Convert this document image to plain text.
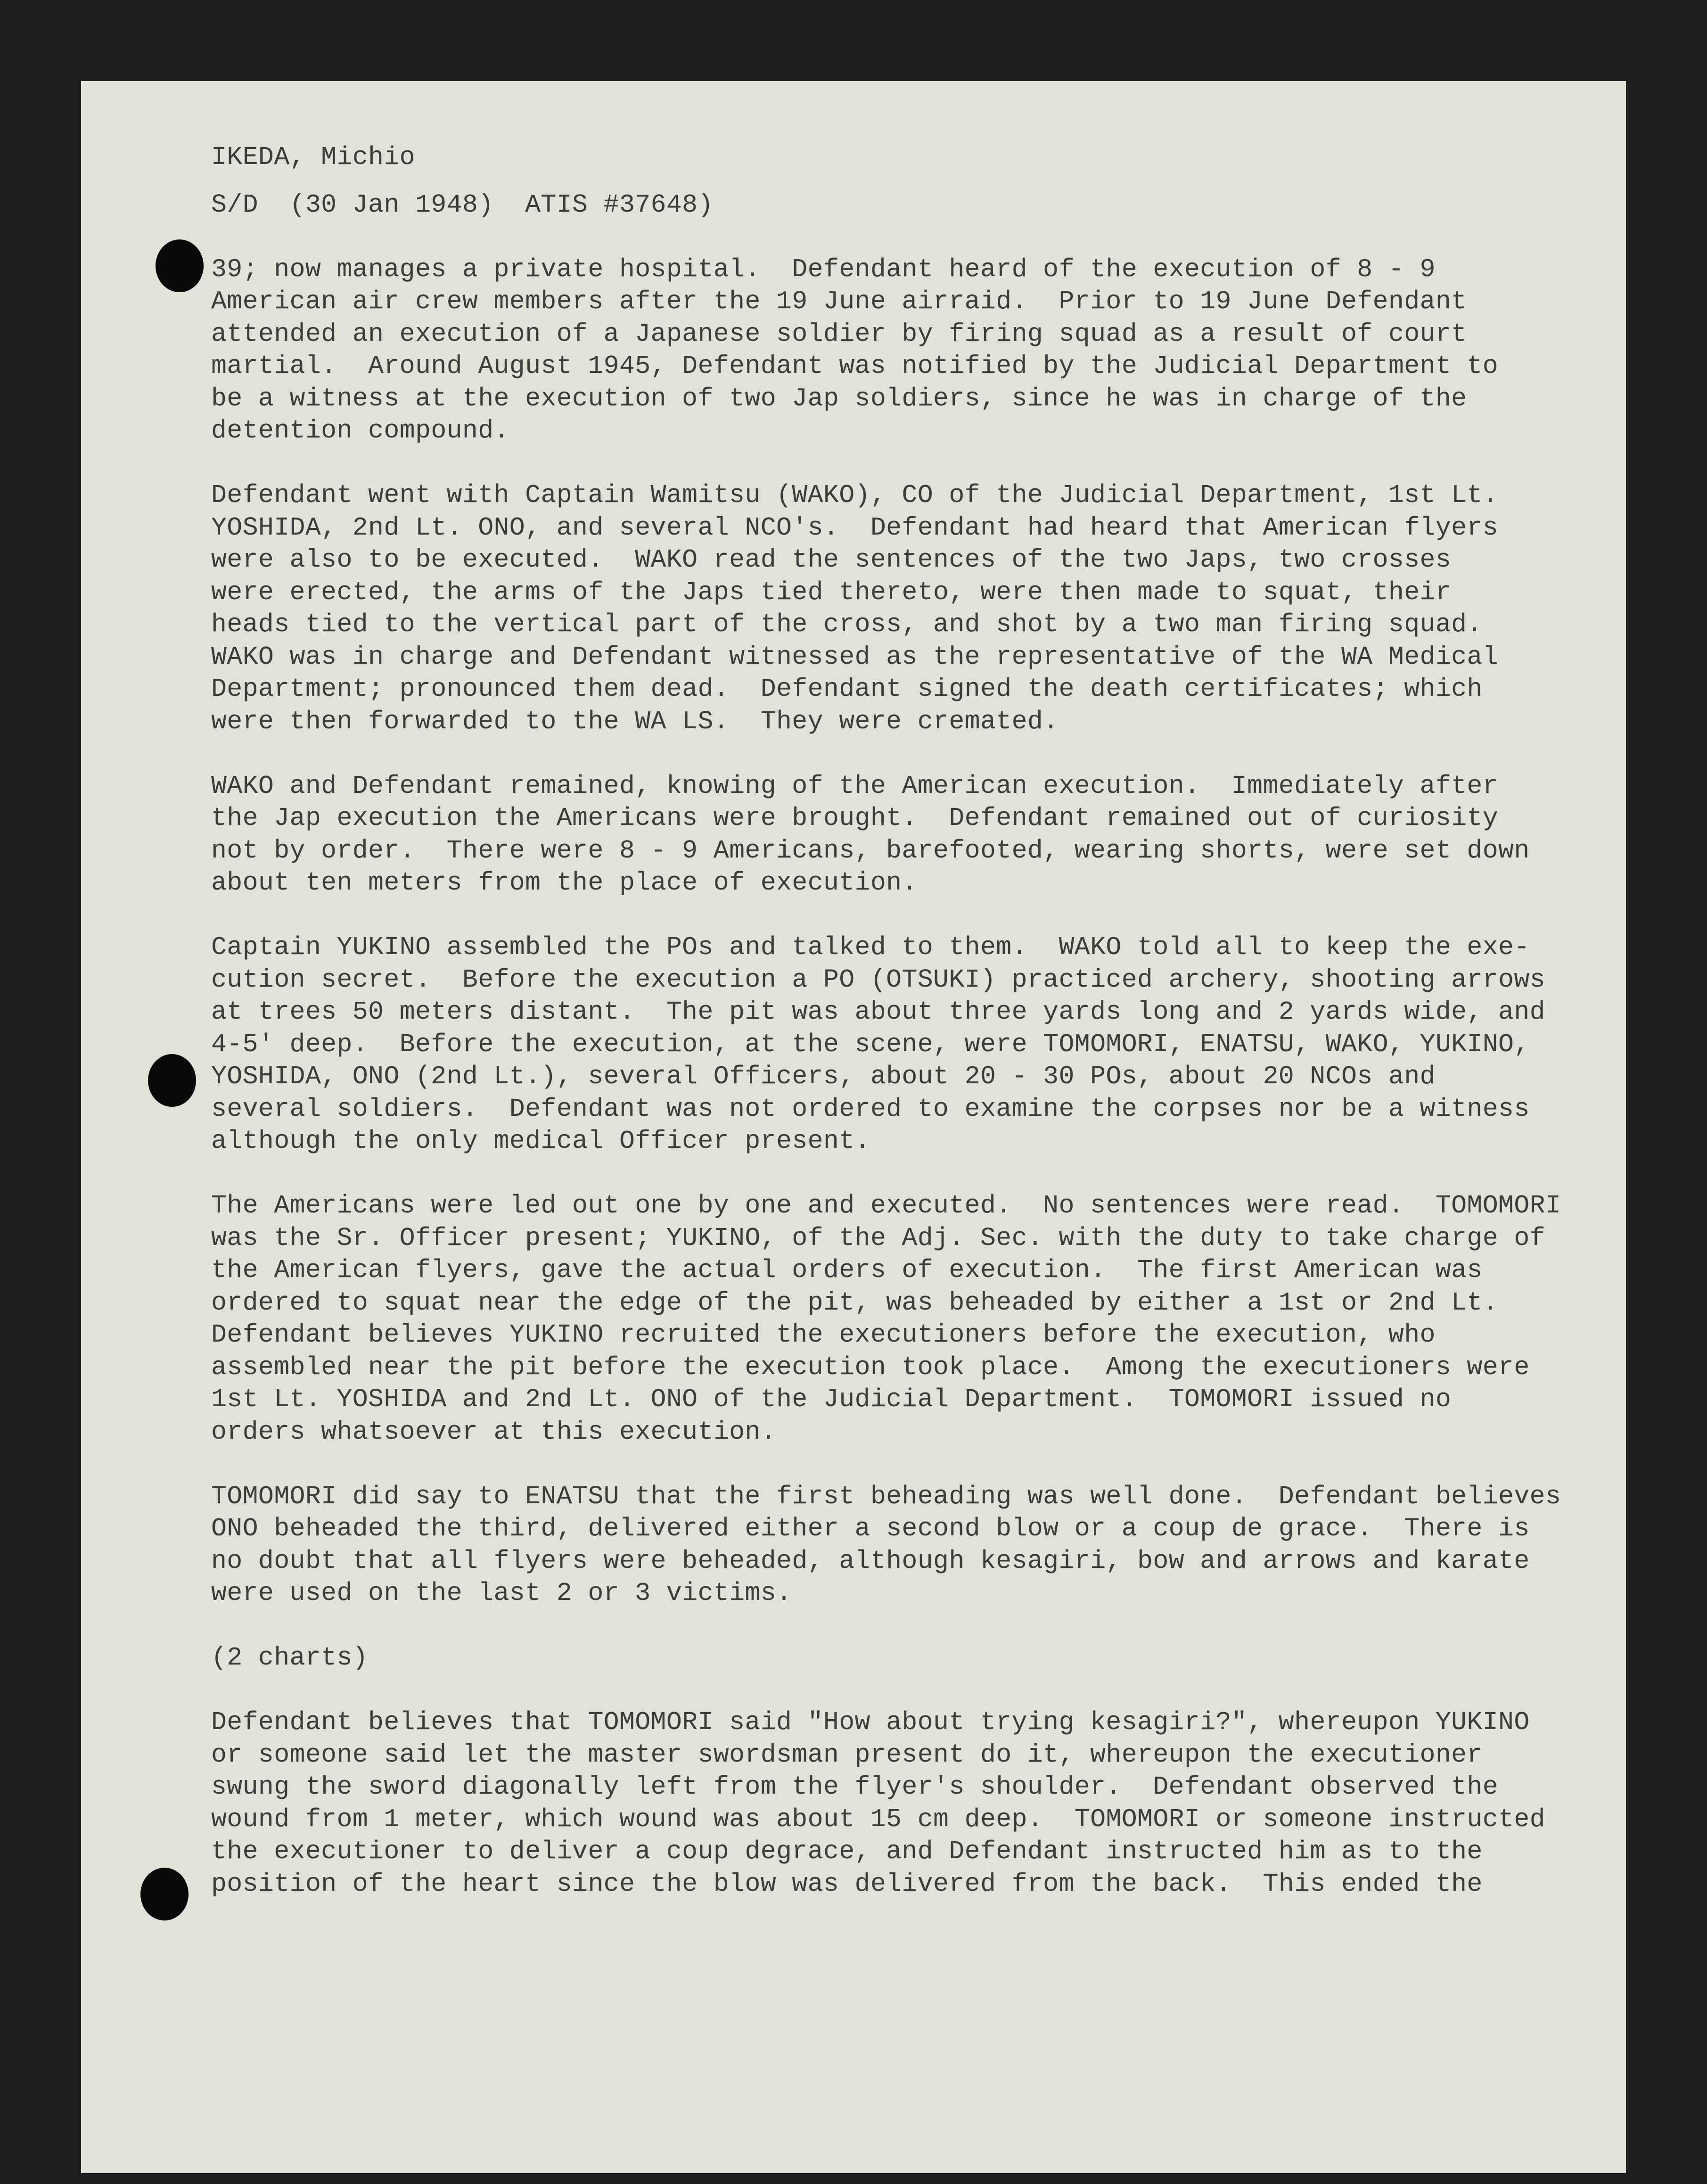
IKEDA, Michio

S/D  (30 Jan 1948)  ATIS #37648)

39; now manages a private hospital.  Defendant heard of the execution of 8 - 9

American air crew members after the 19 June airraid.  Prior to 19 June Defendant

attended an execution of a Japanese soldier by firing squad as a result of court

martial.  Around August 1945, Defendant was notified by the Judicial Department to

be a witness at the execution of two Jap soldiers, since he was in charge of the

detention compound.

Defendant went with Captain Wamitsu (WAKO), CO of the Judicial Department, 1st Lt.

YOSHIDA, 2nd Lt. ONO, and several NCO's.  Defendant had heard that American flyers

were also to be executed.  WAKO read the sentences of the two Japs, two crosses

were erected, the arms of the Japs tied thereto, were then made to squat, their

heads tied to the vertical part of the cross, and shot by a two man firing squad.

WAKO was in charge and Defendant witnessed as the representative of the WA Medical

Department; pronounced them dead.  Defendant signed the death certificates; which

were then forwarded to the WA LS.  They were cremated.

WAKO and Defendant remained, knowing of the American execution.  Immediately after

the Jap execution the Americans were brought.  Defendant remained out of curiosity

not by order.  There were 8 - 9 Americans, barefooted, wearing shorts, were set down

about ten meters from the place of execution.

Captain YUKINO assembled the POs and talked to them.  WAKO told all to keep the exe-

cution secret.  Before the execution a PO (OTSUKI) practiced archery, shooting arrows

at trees 50 meters distant.  The pit was about three yards long and 2 yards wide, and

4-5' deep.  Before the execution, at the scene, were TOMOMORI, ENATSU, WAKO, YUKINO,

YOSHIDA, ONO (2nd Lt.), several Officers, about 20 - 30 POs, about 20 NCOs and

several soldiers.  Defendant was not ordered to examine the corpses nor be a witness

although the only medical Officer present.

The Americans were led out one by one and executed.  No sentences were read.  TOMOMORI

was the Sr. Officer present; YUKINO, of the Adj. Sec. with the duty to take charge of

the American flyers, gave the actual orders of execution.  The first American was

ordered to squat near the edge of the pit, was beheaded by either a 1st or 2nd Lt.

Defendant believes YUKINO recruited the executioners before the execution, who

assembled near the pit before the execution took place.  Among the executioners were

1st Lt. YOSHIDA and 2nd Lt. ONO of the Judicial Department.  TOMOMORI issued no

orders whatsoever at this execution.

TOMOMORI did say to ENATSU that the first beheading was well done.  Defendant believes

ONO beheaded the third, delivered either a second blow or a coup de grace.  There is

no doubt that all flyers were beheaded, although kesagiri, bow and arrows and karate

were used on the last 2 or 3 victims.

(2 charts)

Defendant believes that TOMOMORI said "How about trying kesagiri?", whereupon YUKINO

or someone said let the master swordsman present do it, whereupon the executioner

swung the sword diagonally left from the flyer's shoulder.  Defendant observed the

wound from 1 meter, which wound was about 15 cm deep.  TOMOMORI or someone instructed

the executioner to deliver a coup degrace, and Defendant instructed him as to the

position of the heart since the blow was delivered from the back.  This ended the
